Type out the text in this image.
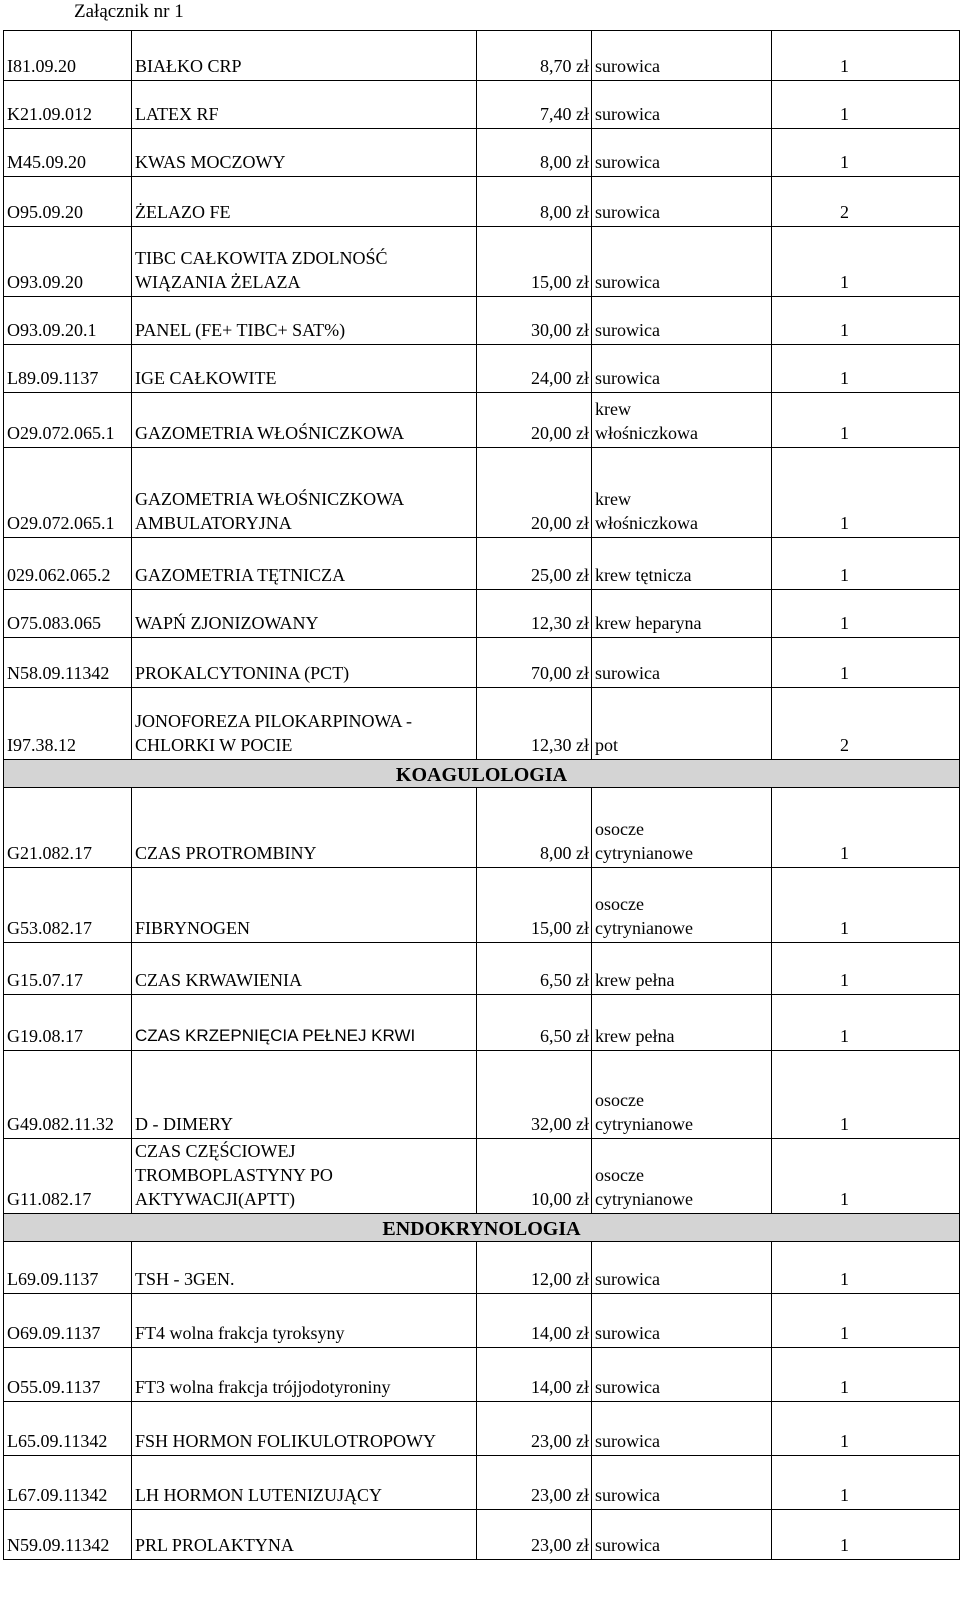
Załącznik nr 1
I81.09.20	BIAŁKO CRP	8,70 zł	surowica	1
K21.09.012	LATEX RF	7,40 zł	surowica	1
M45.09.20	KWAS MOCZOWY	8,00 zł	surowica	1
O95.09.20	ŻELAZO FE	8,00 zł	surowica	2
O93.09.20	TIBC CAŁKOWITA ZDOLNOŚĆ
WIĄZANIA ŻELAZA	15,00 zł	surowica	1
O93.09.20.1	PANEL (FE+ TIBC+ SAT%)	30,00 zł	surowica	1
L89.09.1137	IGE CAŁKOWITE	24,00 zł	surowica	1
O29.072.065.1	GAZOMETRIA WŁOŚNICZKOWA	20,00 zł	krew
włośniczkowa	1
O29.072.065.1	GAZOMETRIA WŁOŚNICZKOWA
AMBULATORYJNA	20,00 zł	krew
włośniczkowa	1
029.062.065.2	GAZOMETRIA TĘTNICZA	25,00 zł	krew tętnicza	1
O75.083.065	WAPŃ ZJONIZOWANY	12,30 zł	krew heparyna	1
N58.09.11342	PROKALCYTONINA (PCT)	70,00 zł	surowica	1
I97.38.12	JONOFOREZA PILOKARPINOWA -
CHLORKI W POCIE	12,30 zł	pot	2
KOAGULOLOGIA				
G21.082.17	CZAS PROTROMBINY	8,00 zł	osocze
cytrynianowe	1
G53.082.17	FIBRYNOGEN	15,00 zł	osocze
cytrynianowe	1
G15.07.17	CZAS KRWAWIENIA	6,50 zł	krew pełna	1
G19.08.17	CZAS KRZEPNIĘCIA PEŁNEJ KRWI	6,50 zł	krew pełna	1
G49.082.11.32	D - DIMERY	32,00 zł	osocze
cytrynianowe	1
G11.082.17	CZAS CZĘŚCIOWEJ
TROMBOPLASTYNY PO
AKTYWACJI(APTT)	10,00 zł	osocze
cytrynianowe	1
ENDOKRYNOLOGIA				
L69.09.1137	TSH - 3GEN.	12,00 zł	surowica	1
O69.09.1137	FT4 wolna frakcja tyroksyny	14,00 zł	surowica	1
O55.09.1137	FT3 wolna frakcja trójjodotyroniny	14,00 zł	surowica	1
L65.09.11342	FSH HORMON FOLIKULOTROPOWY	23,00 zł	surowica	1
L67.09.11342	LH HORMON LUTENIZUJĄCY	23,00 zł	surowica	1
N59.09.11342	PRL PROLAKTYNA	23,00 zł	surowica	1
